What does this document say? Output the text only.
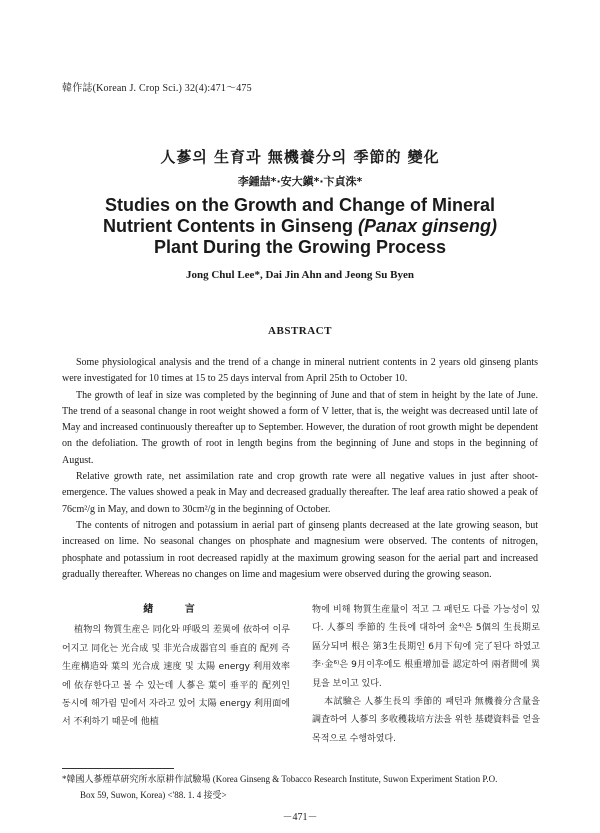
韓作誌(Korean J. Crop Sci.) 32(4):471～475
人蔘의 生育과 無機養分의 季節的 變化
李鍾喆*·安大鎭*·卞貞洙*
Studies on the Growth and Change of Mineral
Nutrient Contents in Ginseng (Panax ginseng)
Plant During the Growing Process
Jong Chul Lee*, Dai Jin Ahn and Jeong Su Byen
ABSTRACT

Some physiological analysis and the trend of a change in mineral nutrient contents in 2 years old ginseng plants were investigated for 10 times at 15 to 25 days interval from April 25th to October 10.

The growth of leaf in size was completed by the beginning of June and that of stem in height by the late of June. The trend of a seasonal change in root weight showed a form of V letter, that is, the weight was decreased until late of May and increased continuously thereafter up to September. However, the duration of root growth might be dependent on the defoliation. The growth of root in length begins from the beginning of June and stops in the beginning of August.

Relative growth rate, net assimilation rate and crop growth rate were all negative values in just after shoot-emergence. The values showed a peak in May and decreased gradually thereafter. The leaf area ratio showed a peak of 76cm²/g in May, and down to 30cm²/g in the beginning of October.

The contents of nitrogen and potassium in aerial part of ginseng plants decreased at the late growing season, but increased on lime. No seasonal changes on phosphate and magnesium were observed. The contents of nitrogen, phosphate and potassium in root decreased rapidly at the maximum growing season for the aerial part and increased gradually thereafter. Whereas no changes on lime and magesium were observed during the growing season.

緖 言

植物의 物質生産은 同化와 呼吸의 差異에 依하여 이루어지고 同化는 光合成 및 非光合成器官의 垂直的 配列 즉 生産構造와 葉의 光合成 速度 및 太陽 energy 利用效率에 依存한다고 볼 수 있는데 人蔘은 葉이 垂平的 配列인 동시에 해가림 밑에서 자라고 있어 太陽 energy 利用面에서 不利하기 때문에 他植

物에 비해 物質生産量이 적고 그 패턴도 다를 가능성이 있다. 人蔘의 季節的 生長에 대하여 金⁴⁾은 5個의 生長期로 區分되며 根은 第3生長期인 6月下旬에 完了된다 하였고 李·金⁶⁾은 9月이후에도 根重增加를 認定하여 兩者間에 異見을 보이고 있다.

本試驗은 人蔘生長의 季節的 패턴과 無機養分含量을 調査하여 人蔘의 多收穫栽培方法을 위한 基礎資料를 얻을 목적으로 수행하였다.

*韓國人蔘煙草硏究所水原耕作試驗場 (Korea Ginseng & Tobacco Research Institute, Suwon Experiment Station P.O.
Box 59, Suwon, Korea) <'88. 1. 4 接受>
－471－
